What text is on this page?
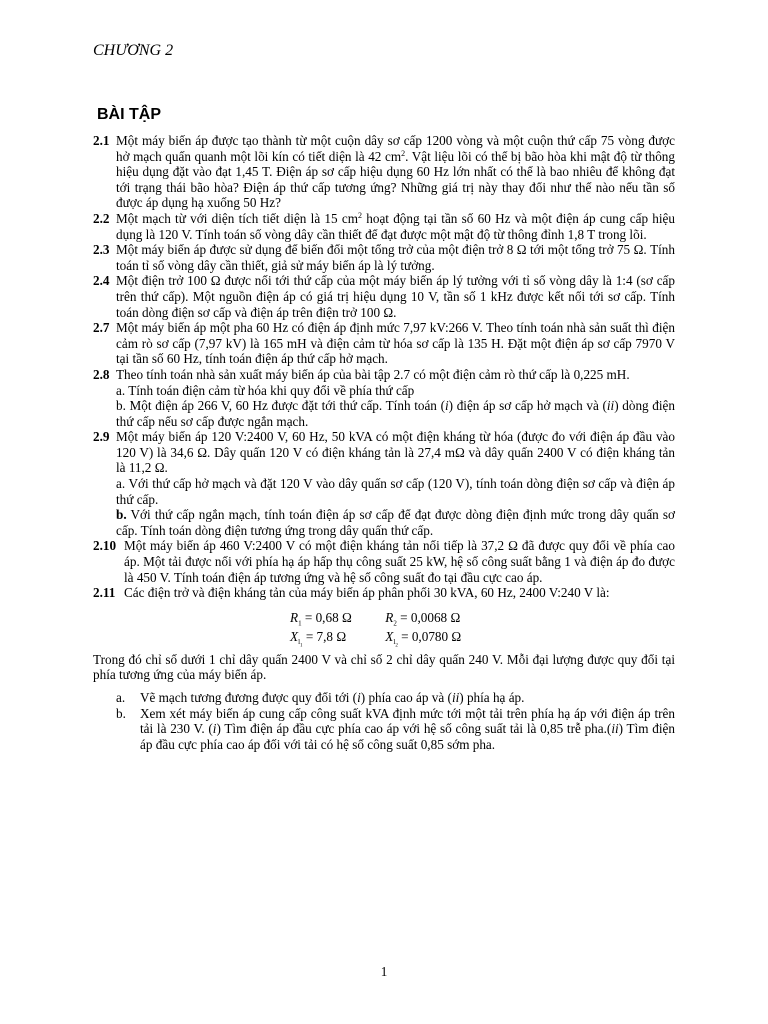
CHƯƠNG 2
BÀI TẬP
2.1 Một máy biến áp được tạo thành từ một cuộn dây sơ cấp 1200 vòng và một cuộn thứ cấp 75 vòng được hở mạch quấn quanh một lõi kín có tiết diện là 42 $cm^2$. Vật liệu lõi có thể bị bão hòa khi mật độ từ thông hiệu dụng đặt vào đạt 1,45 T. Điện áp sơ cấp hiệu dụng 60 Hz lớn nhất có thể là bao nhiêu để không đạt tới trạng thái bão hòa? Điện áp thứ cấp tương ứng? Những giá trị này thay đổi như thế nào nếu tần số được áp dụng hạ xuống 50 Hz?
2.2 Một mạch từ với diện tích tiết diện là 15 $cm^2$ hoạt động tại tần số 60 Hz và một điện áp cung cấp hiệu dụng là 120 V. Tính toán số vòng dây cần thiết để đạt được một mật độ từ thông đỉnh 1,8 T trong lõi.
2.3 Một máy biến áp được sử dụng để biến đổi một tổng trở của một điện trở 8 Ω tới một tổng trở 75 Ω. Tính toán tỉ số vòng dây cần thiết, giả sử máy biến áp là lý tưởng.
2.4 Một điện trở 100 Ω được nối tới thứ cấp của một máy biến áp lý tưởng với tỉ số vòng dây là 1:4 (sơ cấp trên thứ cấp). Một nguồn điện áp có giá trị hiệu dụng 10 V, tần số 1 kHz được kết nối tới sơ cấp. Tính toán dòng điện sơ cấp và điện áp trên điện trở 100 Ω.
2.7 Một máy biến áp một pha 60 Hz có điện áp định mức 7,97 kV:266 V. Theo tính toán nhà sản suất thì điện cảm rò sơ cấp (7,97 kV) là 165 mH và điện cảm từ hóa sơ cấp là 135 H. Đặt một điện áp sơ cấp 7970 V tại tần số 60 Hz, tính toán điện áp thứ cấp hở mạch.
2.8 Theo tính toán nhà sản xuất máy biến áp của bài tập 2.7 có một điện cảm rò thứ cấp là 0,225 mH.
a. Tính toán điện cảm từ hóa khi quy đổi về phía thứ cấp
b. Một điện áp 266 V, 60 Hz được đặt tới thứ cấp. Tính toán (i) điện áp sơ cấp hở mạch và (ii) dòng điện thứ cấp nếu sơ cấp được ngắn mạch.
2.9 Một máy biến áp 120 V:2400 V, 60 Hz, 50 kVA có một điện kháng từ hóa (được đo với điện áp đầu vào 120 V) là 34,6 Ω. Dây quấn 120 V có điện kháng tản là 27,4 mΩ và dây quấn 2400 V có điện kháng tản là 11,2 Ω.
a. Với thứ cấp hở mạch và đặt 120 V vào dây quấn sơ cấp (120 V), tính toán dòng điện sơ cấp và điện áp thứ cấp.
b. Với thứ cấp ngắn mạch, tính toán điện áp sơ cấp để đạt được dòng điện định mức trong dây quấn sơ cấp. Tính toán dòng điện tương ứng trong dây quấn thứ cấp.
2.10 Một máy biến áp 460 V:2400 V có một điện kháng tản nối tiếp là 37,2 Ω đã được quy đổi về phía cao áp. Một tải được nối với phía hạ áp hấp thụ công suất 25 kW, hệ số công suất bằng 1 và điện áp đo được là 450 V. Tính toán điện áp tương ứng và hệ số công suất đo tại đầu cực cao áp.
2.11 Các điện trở và điện kháng tản của máy biến áp phân phối 30 kVA, 60 Hz, 2400 V:240 V là:
$R_1 = 0,68$ Ω	$R_2 = 0,0068$ Ω
$X_{l_1} = 7,8$ Ω	$X_{l_2} = 0,0780$ Ω
Trong đó chỉ số dưới 1 chỉ dây quấn 2400 V và chỉ số 2 chỉ dây quấn 240 V. Mỗi đại lượng được quy đổi tại phía tương ứng của máy biến áp.
a. Vẽ mạch tương đương được quy đổi tới (i) phía cao áp và (ii) phía hạ áp.
b. Xem xét máy biến áp cung cấp công suất kVA định mức tới một tải trên phía hạ áp với điện áp trên tải là 230 V. (i) Tìm điện áp đầu cực phía cao áp với hệ số công suất tải là 0,85 trễ pha.(ii) Tìm điện áp đầu cực phía cao áp đối với tải có hệ số công suất 0,85 sớm pha.
1
